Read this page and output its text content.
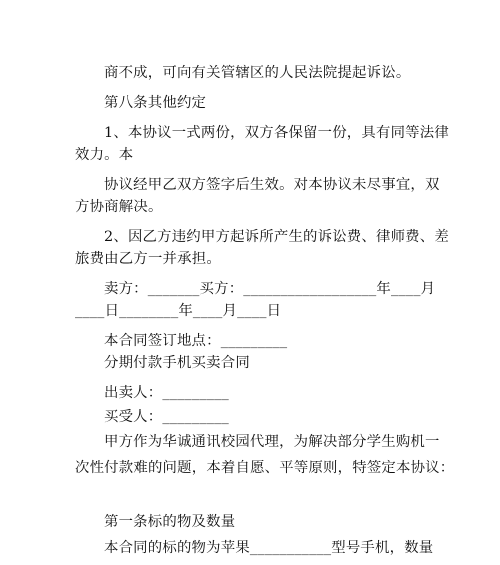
商不成，可向有关管辖区的人民法院提起诉讼。
第八条其他约定
1、本协议一式两份，双方各保留一份，具有同等法律
效力。本
协议经甲乙双方签字后生效。对本协议未尽事宜，双
方协商解决。
2、因乙方违约甲方起诉所产生的诉讼费、律师费、差
旅费由乙方一并承担。
卖方：_______买方：__________________年____月
____日________年____月____日
本合同签订地点：_________
分期付款手机买卖合同
出卖人：_________
买受人：_________
甲方作为华诚通讯校园代理，为解决部分学生购机一
次性付款难的问题，本着自愿、平等原则，特签定本协议：
第一条标的物及数量
本合同的标的物为苹果___________型号手机，数量
